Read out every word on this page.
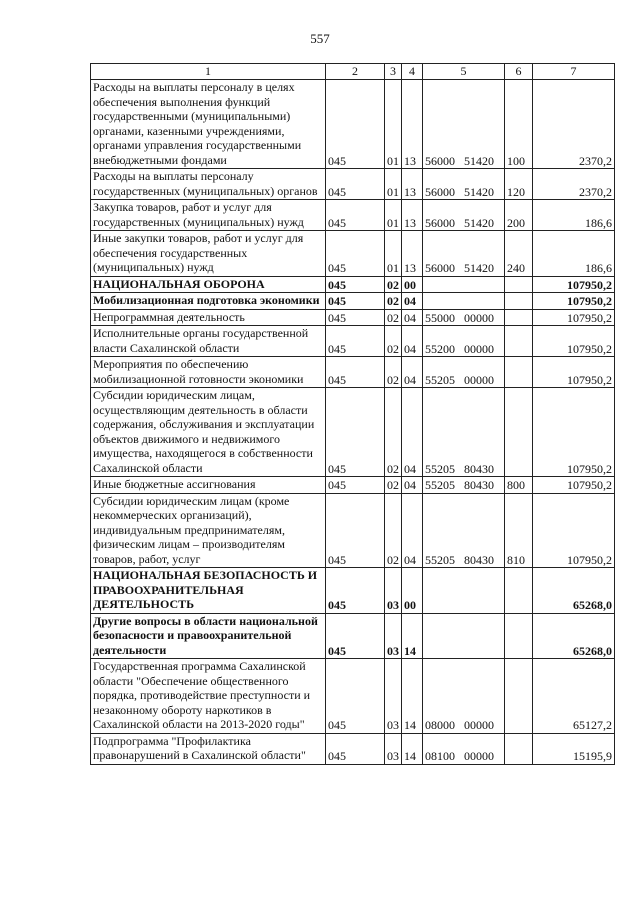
557
1	2	3	4	5	6	7
Расходы на выплаты персоналу в целях обеспечения выполнения функций государственными (муниципальными) органами, казенными учреждениями, органами управления государственными внебюджетными фондами	045	01	13	56000 51420	100	2370,2
Расходы на выплаты персоналу государственных (муниципальных) органов	045	01	13	56000 51420	120	2370,2
Закупка товаров, работ и услуг для государственных (муниципальных) нужд	045	01	13	56000 51420	200	186,6
Иные закупки товаров, работ и услуг для обеспечения государственных (муниципальных) нужд	045	01	13	56000 51420	240	186,6
НАЦИОНАЛЬНАЯ ОБОРОНА	045	02	00			107950,2
Мобилизационная подготовка экономики	045	02	04			107950,2
Непрограммная деятельность	045	02	04	55000 00000		107950,2
Исполнительные органы государственной власти Сахалинской области	045	02	04	55200 00000		107950,2
Мероприятия по обеспечению мобилизационной готовности экономики	045	02	04	55205 00000		107950,2
Субсидии юридическим лицам, осуществляющим деятельность в области содержания, обслуживания и эксплуатации объектов движимого и недвижимого имущества, находящегося в собственности Сахалинской области	045	02	04	55205 80430		107950,2
Иные бюджетные ассигнования	045	02	04	55205 80430	800	107950,2
Субсидии юридическим лицам (кроме некоммерческих организаций), индивидуальным предпринимателям, физическим лицам – производителям товаров, работ, услуг	045	02	04	55205 80430	810	107950,2
НАЦИОНАЛЬНАЯ БЕЗОПАСНОСТЬ И ПРАВООХРАНИТЕЛЬНАЯ ДЕЯТЕЛЬНОСТЬ	045	03	00			65268,0
Другие вопросы в области национальной безопасности и правоохранительной деятельности	045	03	14			65268,0
Государственная программа Сахалинской области "Обеспечение общественного порядка, противодействие преступности и незаконному обороту наркотиков в Сахалинской области на 2013-2020 годы"	045	03	14	08000 00000		65127,2
Подпрограмма "Профилактика правонарушений в Сахалинской области"	045	03	14	08100 00000		15195,9
